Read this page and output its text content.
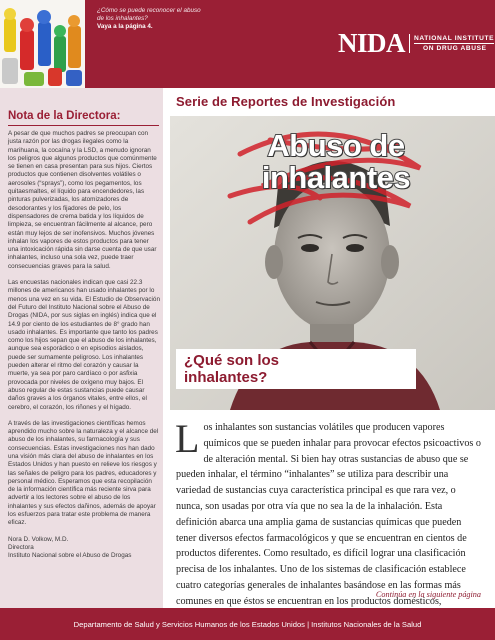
Nota de la Directora:

A pesar de que muchos padres se preocupan con justa razón por las drogas ilegales como la marihuana, la cocaína y la LSD, a menudo ignoran los peligros que algunos productos que comúnmente se tienen en casa presentan para sus hijos. Ciertos productos que contienen disolventes volátiles o aerosoles (“sprays”), como los pegamentos, los quitaesmaltes, el líquido para encendedores, las pinturas pulverizadas, los atomizadores de desodorantes y los fijadores de pelo, los dispensadores de crema batida y los líquidos de limpieza, se encuentran fácilmente al alcance, pero están muy lejos de ser inofensivos. Muchos jóvenes inhalan los vapores de estos productos para tener una intoxicación rápida sin darse cuenta de que usar inhalantes, incluso una sola vez, puede traer consecuencias graves para la salud.

Las encuestas nacionales indican que casi 22.3 millones de americanos han usado inhalantes por lo menos una vez en su vida. El Estudio de Observación del Futuro del Instituto Nacional sobre el Abuso de Drogas (NIDA, por sus siglas en inglés) indica que el 14.9 por ciento de los estudiantes de 8° grado han usado inhalantes. Es importante que tanto los padres como los hijos sepan que el abuso de los inhalantes, aunque sea esporádico o en episodios aislados, puede ser sumamente peligroso. Los inhalantes pueden alterar el ritmo del corazón y causar la muerte, ya sea por paro cardíaco o por asfixia provocada por niveles de oxígeno muy bajos. El abuso regular de estas sustancias puede causar daños graves a los órganos vitales, entre ellos, el cerebro, el corazón, los riñones y el hígado.

A través de las investigaciones científicas hemos aprendido mucho sobre la naturaleza y el alcance del abuso de los inhalantes, su farmacología y sus consecuencias. Estas investigaciones nos han dado una visión más clara del abuso de inhalantes en los Estados Unidos y han puesto en relieve los riesgos y las señales de peligro para los padres, educadores y personal médico. Esperamos que esta recopilación de la información científica más reciente sirva para advertir a los lectores sobre el abuso de los inhalantes y sus efectos dañinos, además de apoyar los esfuerzos para tratar este problema de manera eficaz.

Nora D. Volkow, M.D.
Directora
Instituto Nacional sobre el Abuso de Drogas
¿Cómo se puede reconocer el abuso de los inhalantes?
Vaya a la página 4.
NIDA NATIONAL INSTITUTE
ON DRUG ABUSE
Serie de Reportes de Investigación
Abuso de
inhalantes
¿Qué son los
inhalantes?
Los inhalantes son sustancias volátiles que producen vapores químicos que se pueden inhalar para provocar efectos psicoactivos o de alteración mental. Si bien hay otras sustancias de abuso que se pueden inhalar, el término “inhalantes” se utiliza para describir una variedad de sustancias cuya característica principal es que rara vez, o nunca, son usadas por otra vía que no sea la de la inhalación. Esta definición abarca una amplia gama de sustancias químicas que pueden tener diversos efectos farmacológicos y que se encuentran en cientos de productos diferentes. Como resultado, es difícil lograr una clasificación precisa de los inhalantes. Uno de los sistemas de clasificación establece cuatro categorías generales de inhalantes basándose en las formas más comunes en que éstos se encuentran en los productos domésticos,
Continúa en la siguiente página
Departamento de Salud y Servicios Humanos de los Estados Unidos | Institutos Nacionales de la Salud
